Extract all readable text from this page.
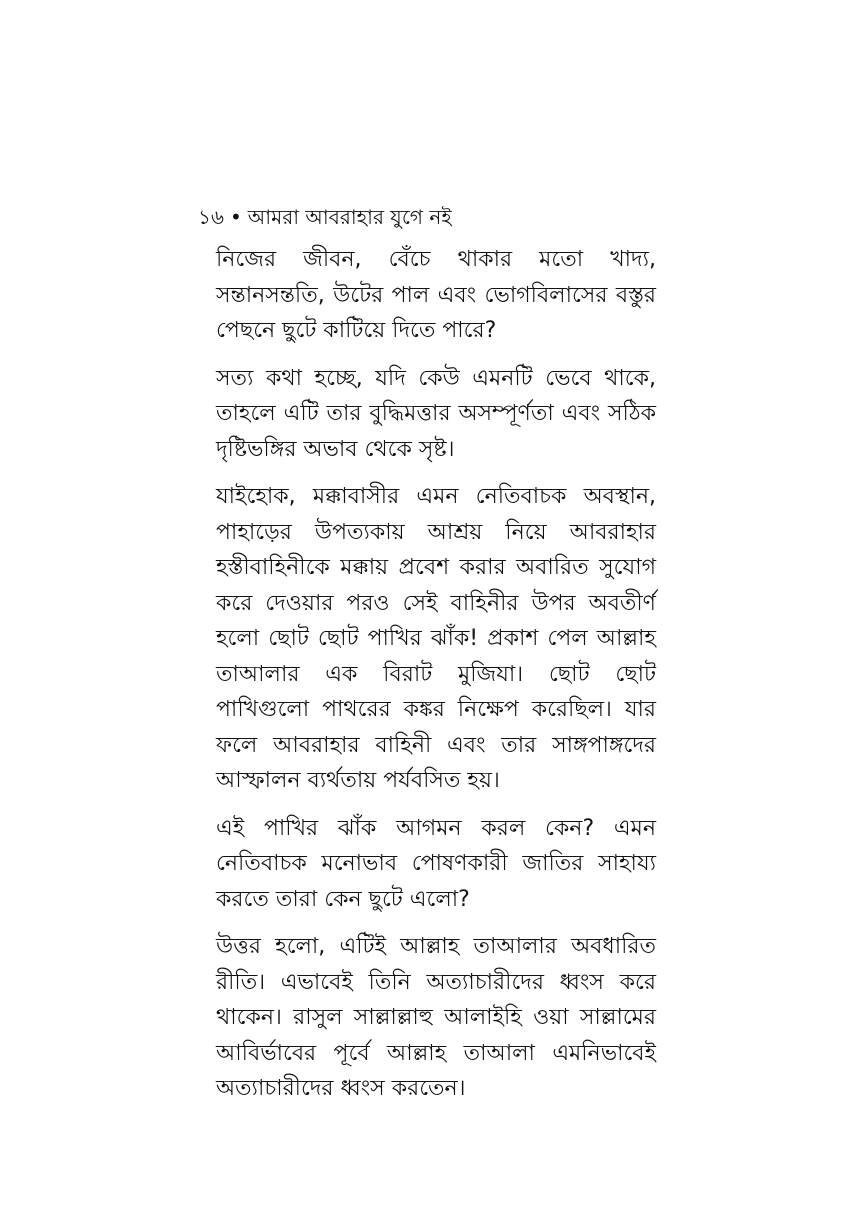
১৬ • আমরা আবরাহার যুগে নই

নিজের জীবন, বেঁচে থাকার মতো খাদ্য, সন্তানসন্ততি, উটের পাল এবং ভোগবিলাসের বস্তুর পেছনে ছুটে কাটিয়ে দিতে পারে?

সত্য কথা হচ্ছে, যদি কেউ এমনটি ভেবে থাকে, তাহলে এটি তার বুদ্ধিমত্তার অসম্পূর্ণতা এবং সঠিক দৃষ্টিভঙ্গির অভাব থেকে সৃষ্ট।

যাইহোক, মক্কাবাসীর এমন নেতিবাচক অবস্থান, পাহাড়ের উপত্যকায় আশ্রয় নিয়ে আবরাহার হস্তীবাহিনীকে মক্কায় প্রবেশ করার অবারিত সুযোগ করে দেওয়ার পরও সেই বাহিনীর উপর অবতীর্ণ হলো ছোট ছোট পাখির ঝাঁক! প্রকাশ পেল আল্লাহ তাআলার এক বিরাট মুজিযা। ছোট ছোট পাখিগুলো পাথরের কঙ্কর নিক্ষেপ করেছিল। যার ফলে আবরাহার বাহিনী এবং তার সাঙ্গপাঙ্গদের আস্ফালন ব্যর্থতায় পর্যবসিত হয়।

এই পাখির ঝাঁক আগমন করল কেন? এমন নেতিবাচক মনোভাব পোষণকারী জাতির সাহায্য করতে তারা কেন ছুটে এলো?

উত্তর হলো, এটিই আল্লাহ তাআলার অবধারিত রীতি। এভাবেই তিনি অত্যাচারীদের ধ্বংস করে থাকেন। রাসুল সাল্লাল্লাহু আলাইহি ওয়া সাল্লামের আবির্ভাবের পূর্বে আল্লাহ তাআলা এমনিভাবেই অত্যাচারীদের ধ্বংস করতেন।
